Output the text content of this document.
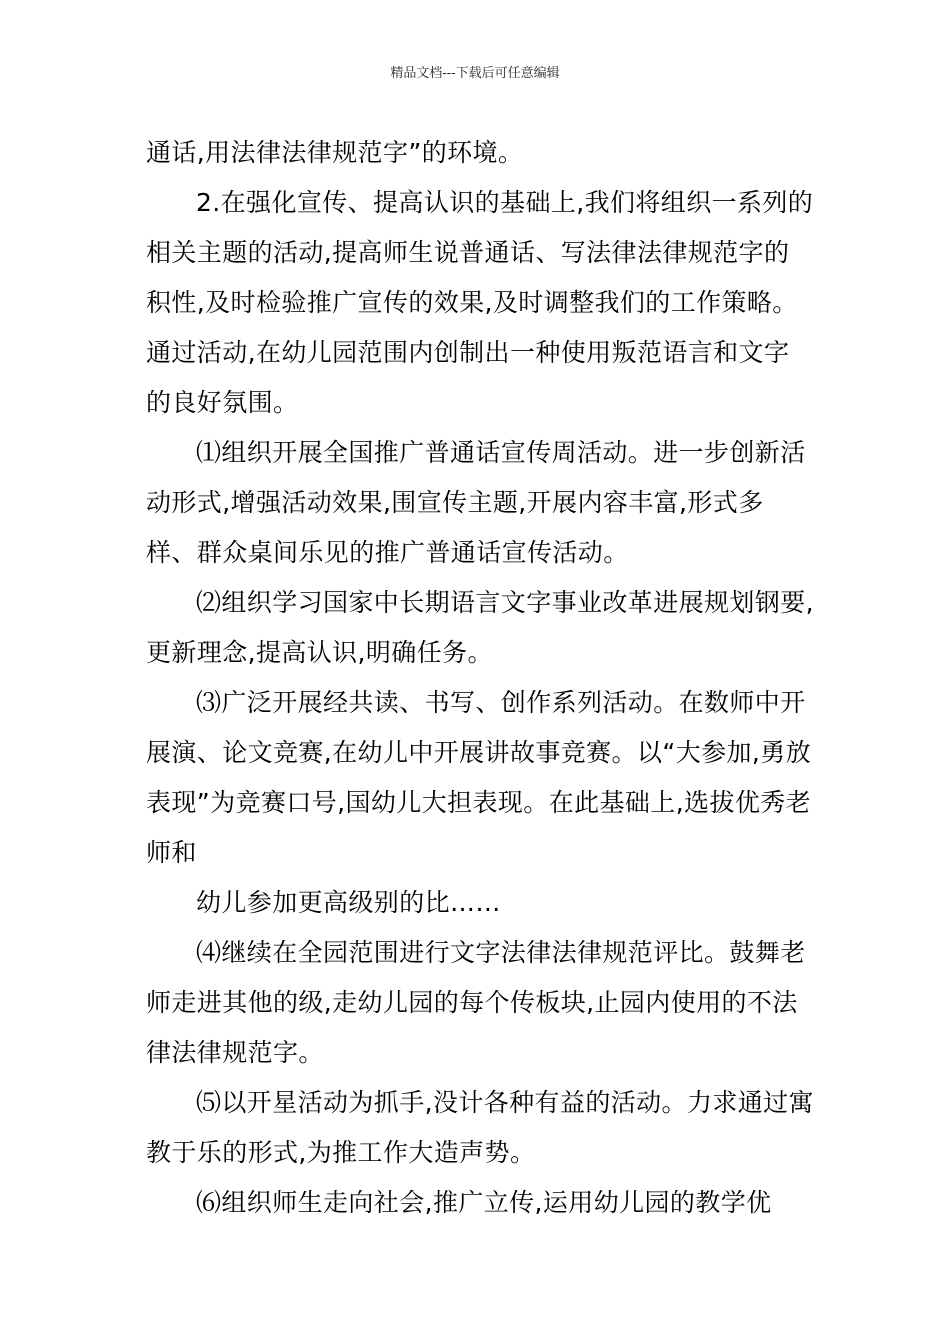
精品文档---下载后可任意编辑

通话,用法律法律规范字”的环境。

2.在强化宣传、提高认识的基础上,我们将组织一系列的相关主题的活动,提高师生说普通话、写法律法律规范字的积性,及时检验推广宣传的效果,及时调整我们的工作策略。通过活动,在幼儿园范围内创制出一种使用叛范语言和文字的良好氛围。

⑴组织开展全国推广普通话宣传周活动。进一步创新活动形式,增强活动效果,围宣传主题,开展内容丰富,形式多样、群众桌间乐见的推广普通话宣传活动。

⑵组织学习国家中长期语言文字事业改革进展规划钢要,更新理念,提高认识,明确任务。

⑶广泛开展经共读、书写、创作系列活动。在数师中开展演、论文竞赛,在幼儿中开展讲故事竞赛。以“大参加,勇放表现”为竞赛口号,国幼儿大担表现。在此基础上,选拔优秀老师和

幼儿参加更高级别的比……

⑷继续在全园范围进行文字法律法律规范评比。鼓舞老师走进其他的级,走幼儿园的每个传板块,止园内使用的不法律法律规范字。

⑸以开星活动为抓手,没计各种有益的活动。力求通过寓教于乐的形式,为推工作大造声势。

⑹组织师生走向社会,推广立传,运用幼儿园的教学优
